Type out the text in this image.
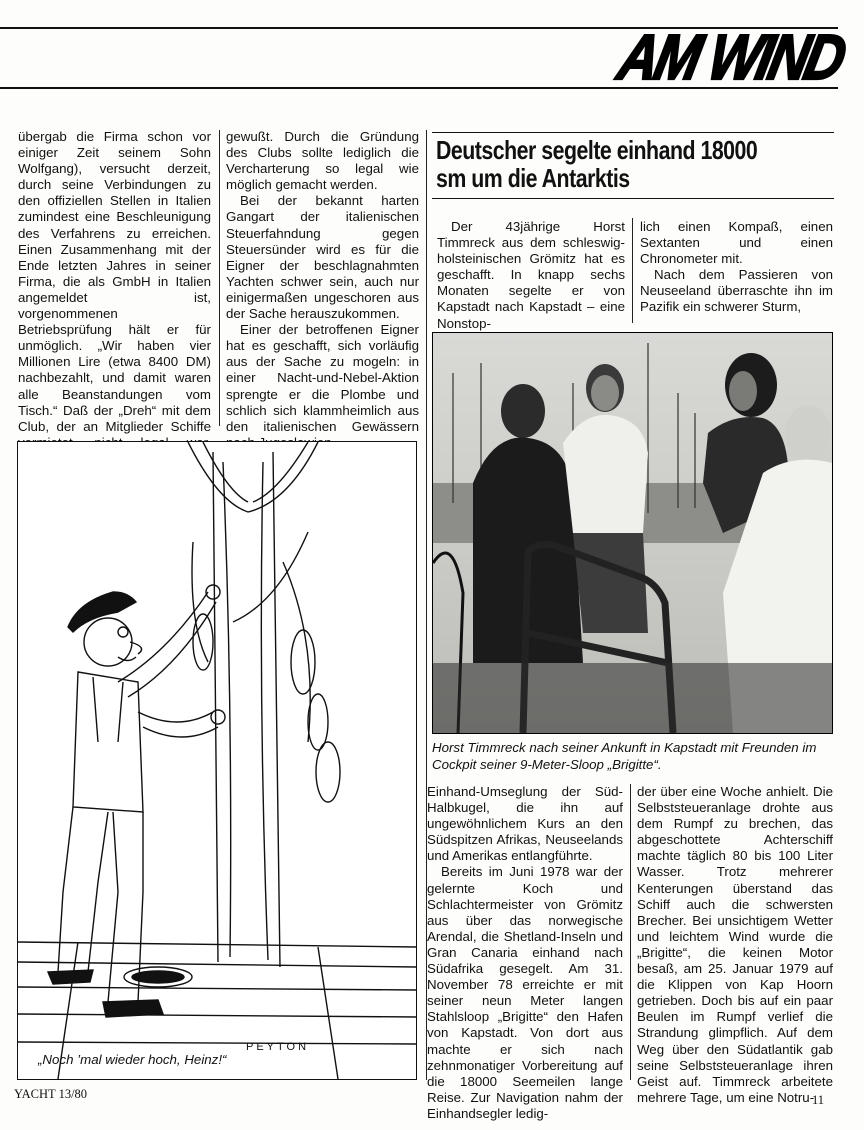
AM WIND

übergab die Firma schon vor einiger Zeit seinem Sohn Wolfgang), versucht derzeit, durch seine Verbindungen zu den offiziellen Stellen in Italien zumindest eine Beschleunigung des Verfahrens zu erreichen. Einen Zusammenhang mit der Ende letzten Jahres in seiner Firma, die als GmbH in Italien angemeldet ist, vorgenommenen Betriebsprüfung hält er für unmöglich. „Wir haben vier Millionen Lire (etwa 8400 DM) nachbezahlt, und damit waren alle Beanstandungen vom Tisch.“ Daß der „Dreh“ mit dem Club, der an Mitglieder Schiffe

gewußt. Durch die Gründung des Clubs sollte lediglich die Vercharterung so legal wie möglich gemacht werden.

Bei der bekannt harten Gangart der italienischen Steuerfahndung gegen Steuersünder wird es für die Eigner der beschlagnahmten Yachten schwer sein, auch nur einigermaßen ungeschoren aus der Sache herauszukommen.

Einer der betroffenen Eigner hat es geschafft, sich vorläufig aus der Sache zu mogeln: in einer Nacht-und-Nebel-Aktion sprengte er die Plombe und schlich sich klammheimlich aus den italienischen Gewässern

Deutscher segelte einhand 18000 sm um die Antarktis

Der 43jährige Horst Timmreck aus dem schleswig-holsteinischen Grömitz hat es geschafft. In knapp sechs Monaten segelte er von Kapstadt nach Kapstadt – eine Nonstop-

lich einen Kompaß, einen Sextanten und einen Chronometer mit.

Nach dem Passieren von Neuseeland überraschte ihn im Pazifik ein schwerer Sturm,

Horst Timmreck nach seiner Ankunft in Kapstadt mit Freunden im Cockpit seiner 9-Meter-Sloop „Brigitte“.

Einhand-Umseglung der Süd-Halbkugel, die ihn auf ungewöhnlichem Kurs an den Südspitzen Afrikas, Neuseelands und Amerikas entlangführte.

Bereits im Juni 1978 war der gelernte Koch und Schlachtermeister von Grömitz aus über das norwegische Arendal, die Shetland-Inseln und Gran Canaria einhand nach Südafrika gesegelt. Am 31. November 78 erreichte er mit seiner neun Meter langen Stahlsloop „Brigitte“ den Hafen von Kapstadt. Von dort aus machte er sich nach zehnmonatiger Vorbereitung auf die 18000 Seemeilen lange Reise. Zur Navigation nahm der Einhandsegler ledig-

der über eine Woche anhielt. Die Selbststeueranlage drohte aus dem Rumpf zu brechen, das abgeschottete Achterschiff machte täglich 80 bis 100 Liter Wasser. Trotz mehrerer Kenterungen überstand das Schiff auch die schwersten Brecher. Bei unsichtigem Wetter und leichtem Wind wurde die „Brigitte“, die keinen Motor besaß, am 25. Januar 1979 auf die Klippen von Kap Hoorn getrieben. Doch bis auf ein paar Beulen im Rumpf verlief die Strandung glimpflich. Auf dem Weg über den Südatlantik gab seine Selbststeueranlage ihren Geist auf. Timmreck arbeitete mehrere Tage, um eine Notru-

PEYTON
„Noch ’mal wieder hoch, Heinz!“
YACHT 13/80	11
